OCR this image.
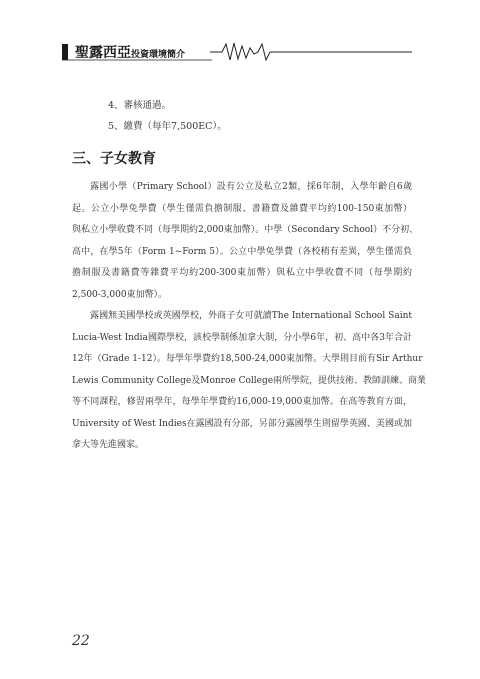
聖露西亞投資環境簡介
4、審核通過。
5、繳費（每年7,500EC）。
三、子女教育
露國小學（Primary School）設有公立及私立2類，採6年制，入學年齡自6歲
起。公立小學免學費（學生僅需負擔制服、書籍費及雜費平均約100-150東加幣）
與私立小學收費不同（每學期約2,000東加幣）。中學（Secondary School）不分初、
高中，在學5年（Form 1~Form 5）。公立中學免學費（各校稍有差異，學生僅需負
擔制服及書籍費等雜費平均約200-300東加幣）與私立中學收費不同（每學期約
2,500-3,000東加幣）。
露國無美國學校或英國學校，外商子女可就讀The International School Saint
Lucia-West India國際學校，該校學制係加拿大制，分小學6年，初、高中各3年合計
12年（Grade 1-12）。每學年學費約18,500-24,000東加幣。大學則目前有Sir Arthur
Lewis Community College及Monroe College兩所學院，提供技術、教師訓練、商業
等不同課程，修習兩學年，每學年學費約16,000-19,000東加幣。在高等教育方面，
University of West Indies在露國設有分部，另部分露國學生則留學英國、美國或加
拿大等先進國家。
22
